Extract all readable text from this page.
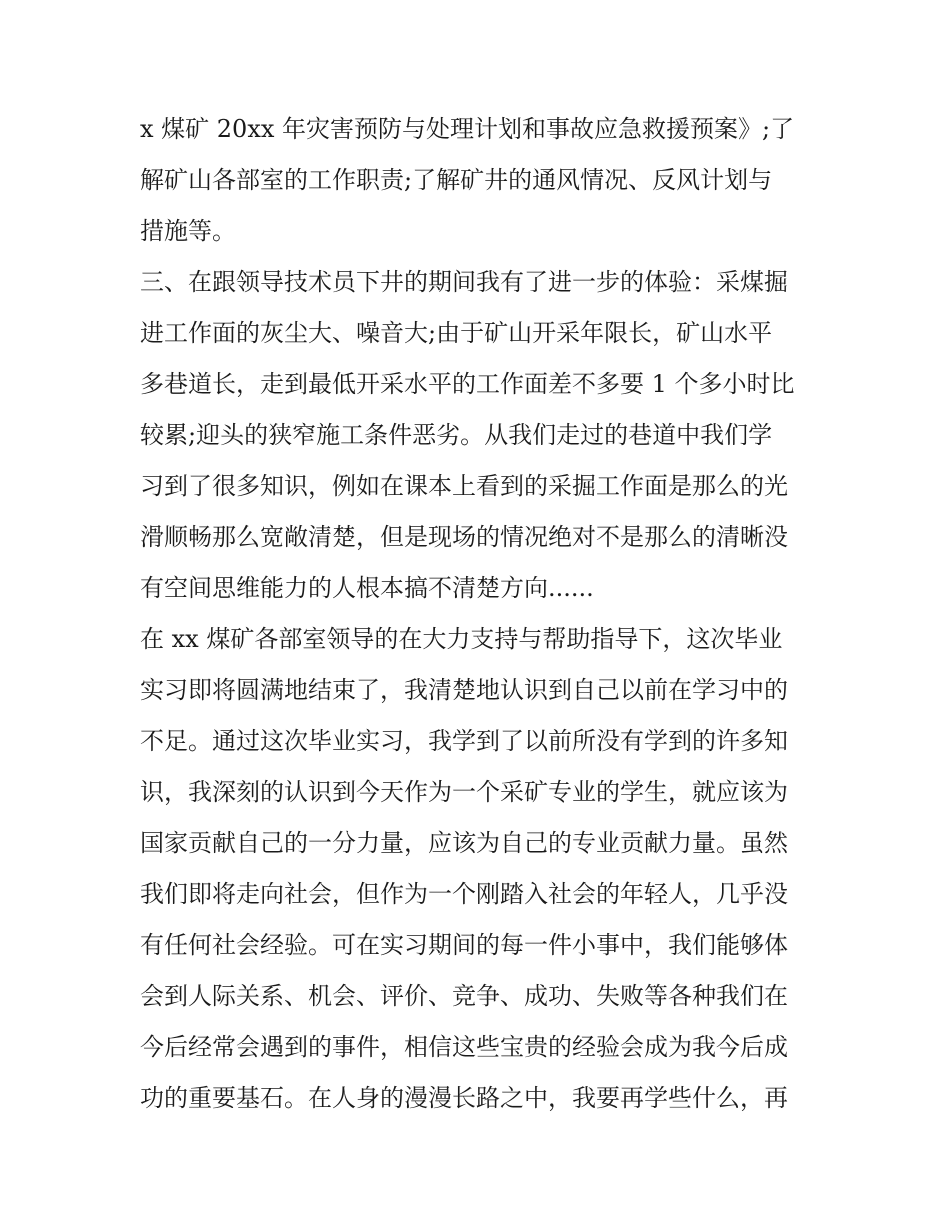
x 煤矿 20xx 年灾害预防与处理计划和事故应急救援预案》;了
解矿山各部室的工作职责;了解矿井的通风情况、反风计划与
措施等。
三、在跟领导技术员下井的期间我有了进一步的体验：采煤掘
进工作面的灰尘大、噪音大;由于矿山开采年限长，矿山水平
多巷道长，走到最低开采水平的工作面差不多要 1 个多小时比
较累;迎头的狭窄施工条件恶劣。从我们走过的巷道中我们学
习到了很多知识，例如在课本上看到的采掘工作面是那么的光
滑顺畅那么宽敞清楚，但是现场的情况绝对不是那么的清晰没
有空间思维能力的人根本搞不清楚方向......
在 xx 煤矿各部室领导的在大力支持与帮助指导下，这次毕业
实习即将圆满地结束了，我清楚地认识到自己以前在学习中的
不足。通过这次毕业实习，我学到了以前所没有学到的许多知
识，我深刻的认识到今天作为一个采矿专业的学生，就应该为
国家贡献自己的一分力量，应该为自己的专业贡献力量。虽然
我们即将走向社会，但作为一个刚踏入社会的年轻人，几乎没
有任何社会经验。可在实习期间的每一件小事中，我们能够体
会到人际关系、机会、评价、竞争、成功、失败等各种我们在
今后经常会遇到的事件，相信这些宝贵的经验会成为我今后成
功的重要基石。在人身的漫漫长路之中，我要再学些什么，再
